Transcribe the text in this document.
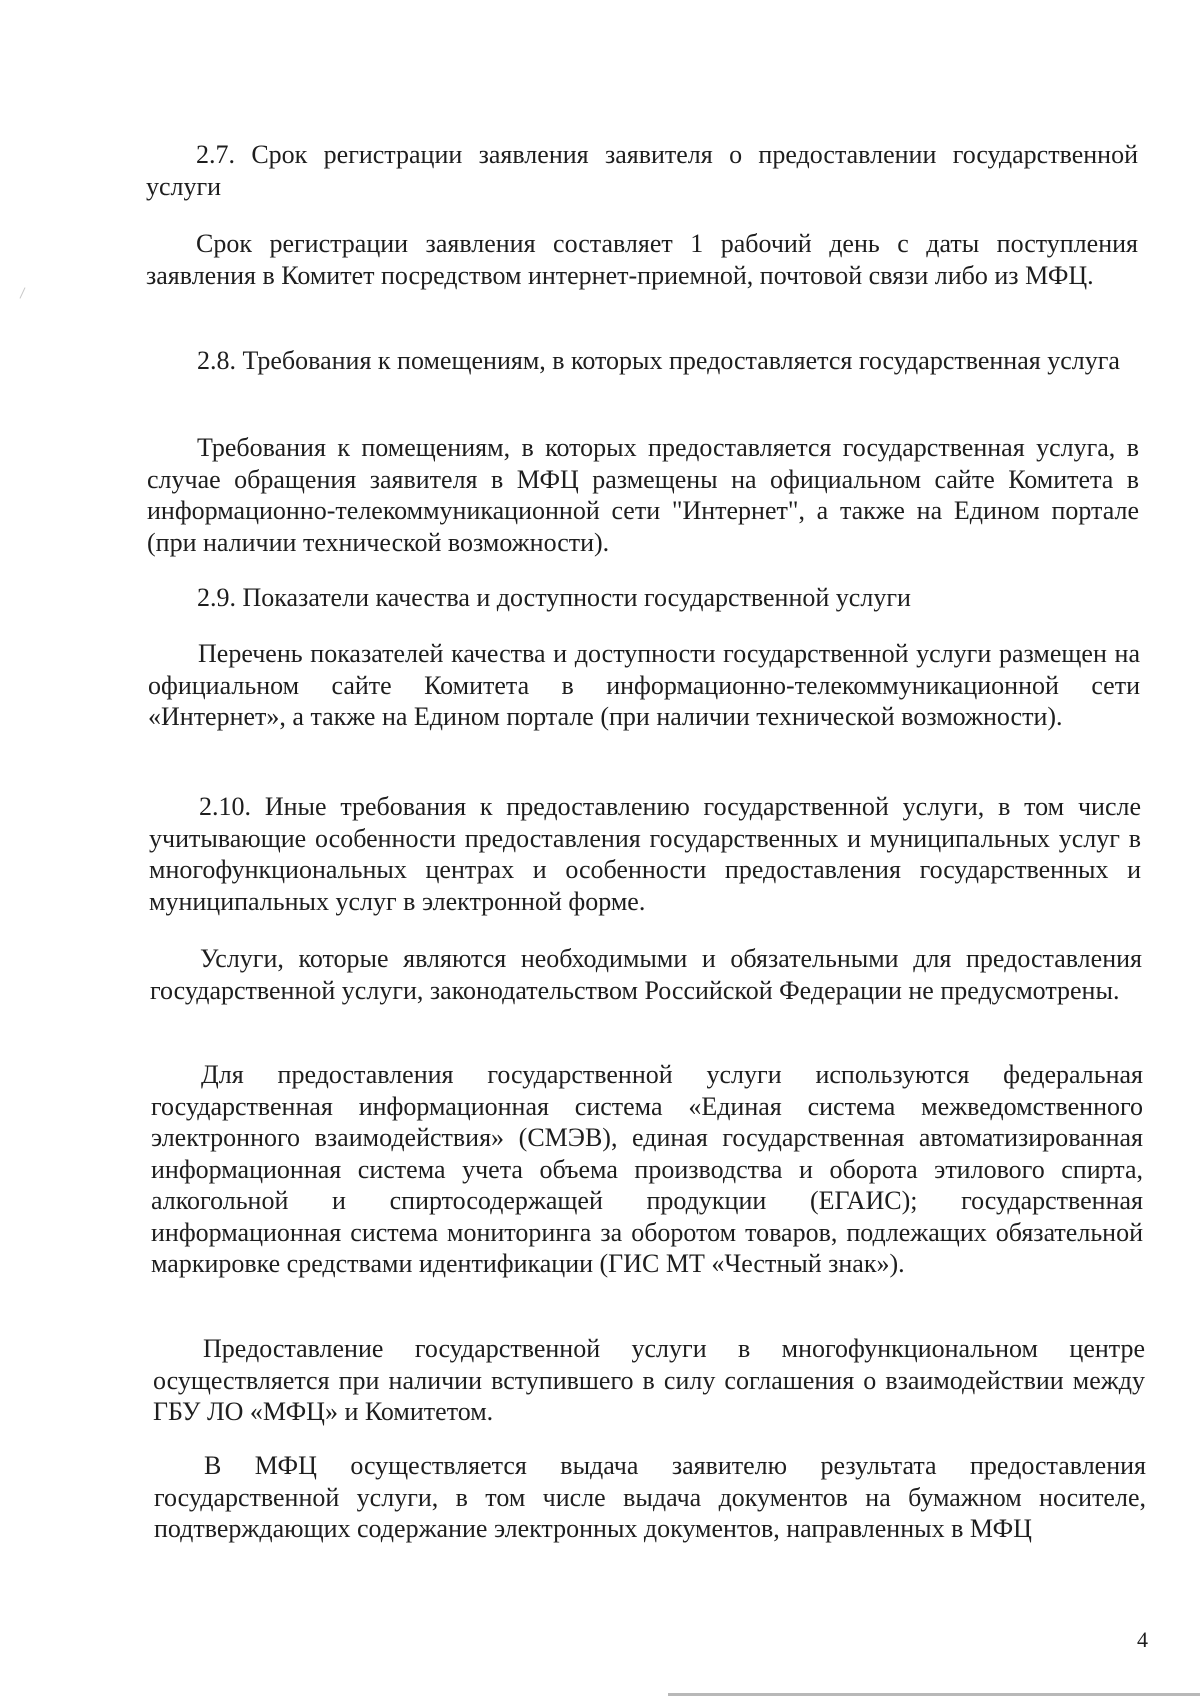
2.7. Срок регистрации заявления заявителя о предоставлении государственной услуги

Срок регистрации заявления составляет 1 рабочий день с даты поступления заявления в Комитет посредством интернет-приемной, почтовой связи либо из МФЦ.

2.8. Требования к помещениям, в которых предоставляется государственная услуга

Требования к помещениям, в которых предоставляется государственная услуга, в случае обращения заявителя в МФЦ размещены на официальном сайте Комитета в информационно-телекоммуникационной сети "Интернет", а также на Едином портале (при наличии технической возможности).

2.9. Показатели качества и доступности государственной услуги

Перечень показателей качества и доступности государственной услуги размещен на официальном сайте Комитета в информационно-телекоммуникационной сети «Интернет», а также на Едином портале (при наличии технической возможности).

2.10. Иные требования к предоставлению государственной услуги, в том числе учитывающие особенности предоставления государственных и муниципальных услуг в многофункциональных центрах и особенности предоставления государственных и муниципальных услуг в электронной форме.

Услуги, которые являются необходимыми и обязательными для предоставления государственной услуги, законодательством Российской Федерации не предусмотрены.

Для предоставления государственной услуги используются федеральная государственная информационная система «Единая система межведомственного электронного взаимодействия» (СМЭВ), единая государственная автоматизированная информационная система учета объема производства и оборота этилового спирта, алкогольной и спиртосодержащей продукции (ЕГАИС); государственная информационная система мониторинга за оборотом товаров, подлежащих обязательной маркировке средствами идентификации (ГИС МТ «Честный знак»).

Предоставление государственной услуги в многофункциональном центре осуществляется при наличии вступившего в силу соглашения о взаимодействии между ГБУ ЛО «МФЦ» и Комитетом.

В МФЦ осуществляется выдача заявителю результата предоставления государственной услуги, в том числе выдача документов на бумажном носителе, подтверждающих содержание электронных документов, направленных в МФЦ

4
